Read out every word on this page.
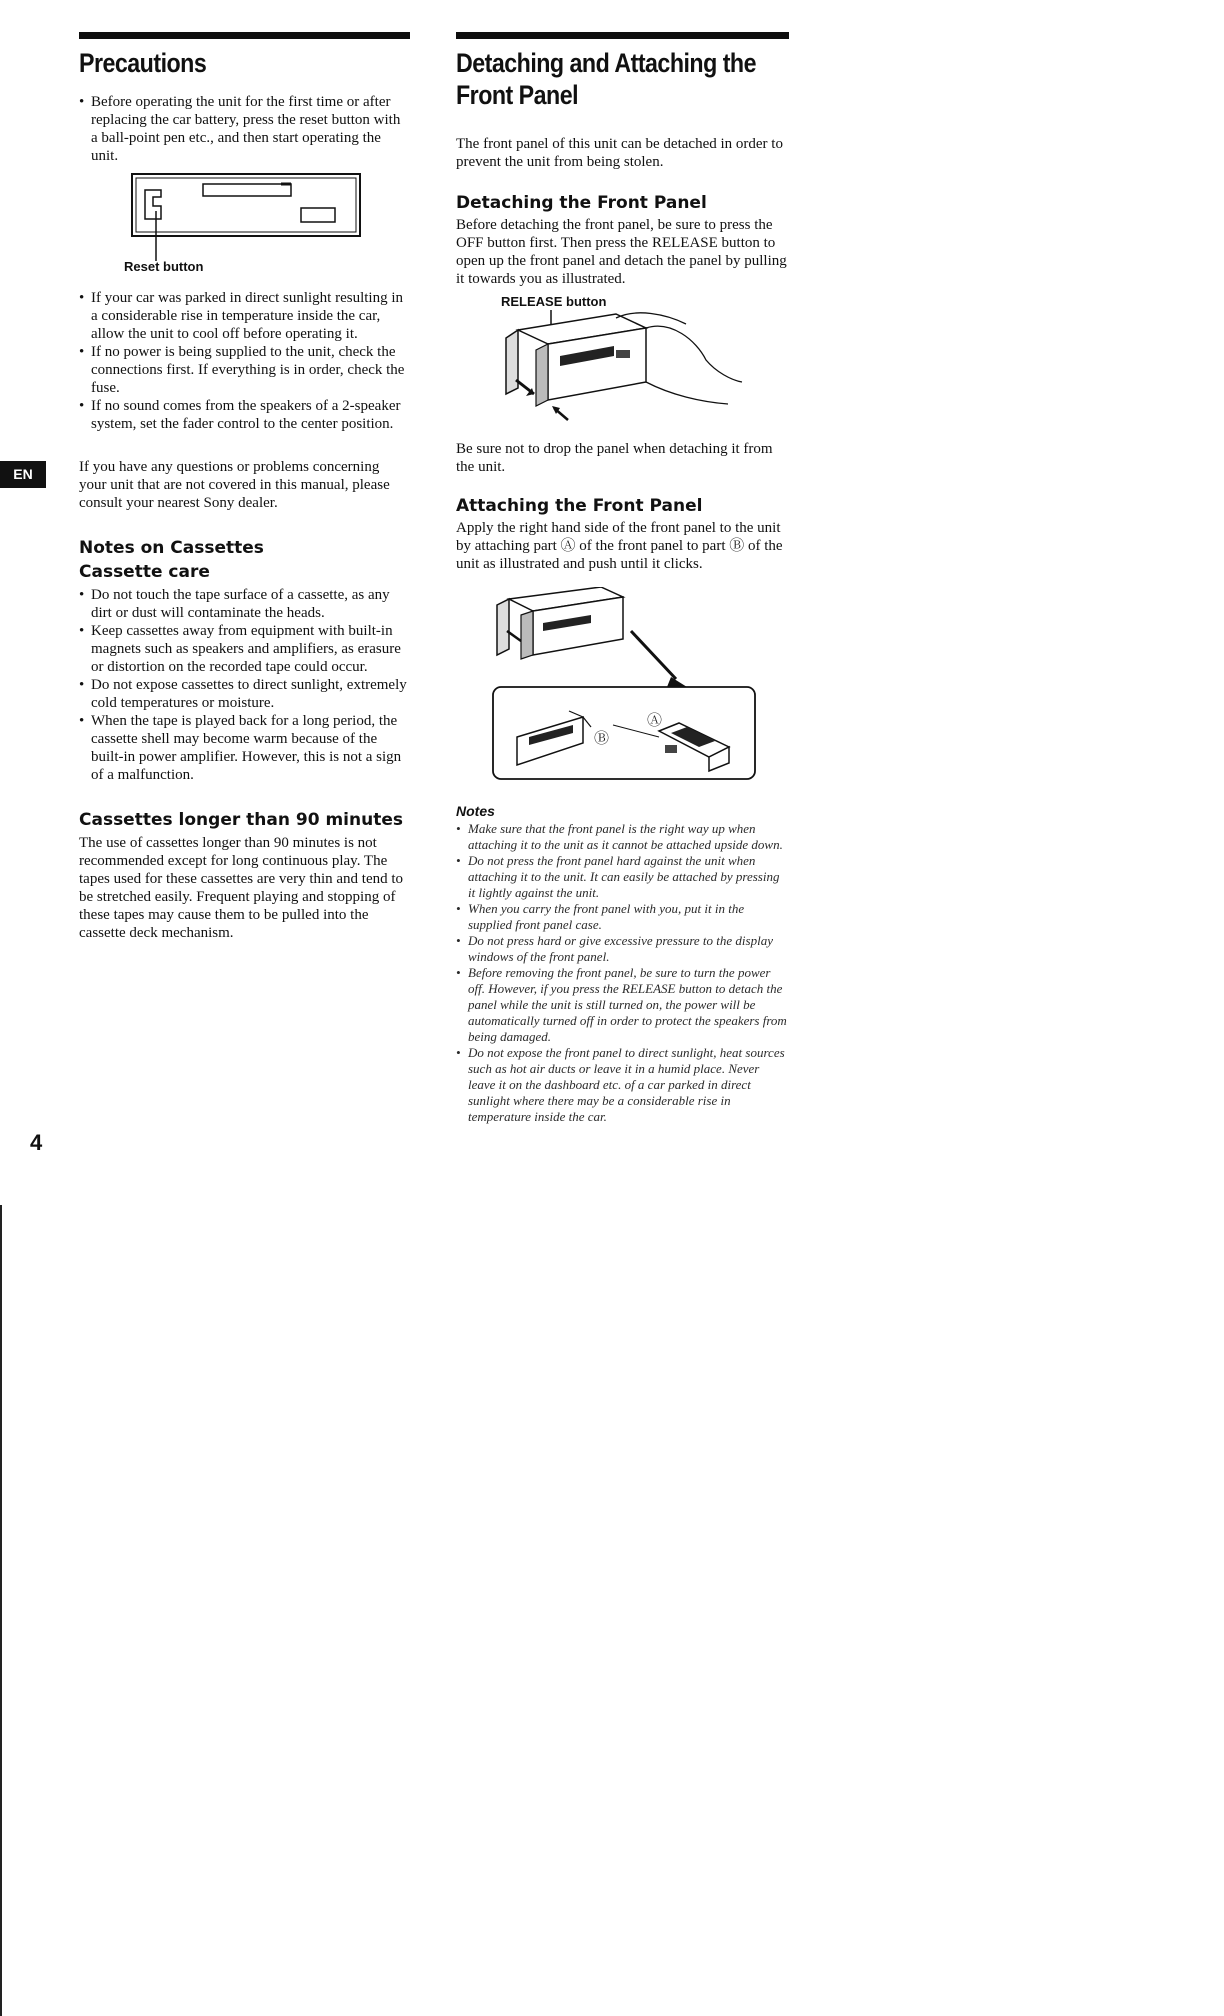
EN
4
Precautions
• Before operating the unit for the first time or after replacing the car battery, press the reset button with a ball-point pen etc., and then start operating the unit.
Reset button
• If your car was parked in direct sunlight resulting in a considerable rise in temperature inside the car, allow the unit to cool off before operating it.
• If no power is being supplied to the unit, check the connections first. If everything is in order, check the fuse.
• If no sound comes from the speakers of a 2-speaker system, set the fader control to the center position.

If you have any questions or problems concerning your unit that are not covered in this manual, please consult your nearest Sony dealer.

Notes on Cassettes
Cassette care
• Do not touch the tape surface of a cassette, as any dirt or dust will contaminate the heads.
• Keep cassettes away from equipment with built-in magnets such as speakers and amplifiers, as erasure or distortion on the recorded tape could occur.
• Do not expose cassettes to direct sunlight, extremely cold temperatures or moisture.
• When the tape is played back for a long period, the cassette shell may become warm because of the built-in power amplifier. However, this is not a sign of a malfunction.
Cassettes longer than 90 minutes

The use of cassettes longer than 90 minutes is not recommended except for long continuous play. The tapes used for these cassettes are very thin and tend to be stretched easily. Frequent playing and stopping of these tapes may cause them to be pulled into the cassette deck mechanism.

Detaching and Attaching the Front Panel

The front panel of this unit can be detached in order to prevent the unit from being stolen.

Detaching the Front Panel

Before detaching the front panel, be sure to press the OFF button first. Then press the RELEASE button to open up the front panel and detach the panel by pulling it towards you as illustrated.

RELEASE button

Be sure not to drop the panel when detaching it from the unit.

Attaching the Front Panel

Apply the right hand side of the front panel to the unit by attaching part Ⓐ of the front panel to part Ⓑ of the unit as illustrated and push until it clicks.

Ⓐ
Ⓑ
Notes
• Make sure that the front panel is the right way up when attaching it to the unit as it cannot be attached upside down.
• Do not press the front panel hard against the unit when attaching it to the unit. It can easily be attached by pressing it lightly against the unit.
• When you carry the front panel with you, put it in the supplied front panel case.
• Do not press hard or give excessive pressure to the display windows of the front panel.
• Before removing the front panel, be sure to turn the power off. However, if you press the RELEASE button to detach the panel while the unit is still turned on, the power will be automatically turned off in order to protect the speakers from being damaged.
• Do not expose the front panel to direct sunlight, heat sources such as hot air ducts or leave it in a humid place. Never leave it on the dashboard etc. of a car parked in direct sunlight where there may be a considerable rise in temperature inside the car.
